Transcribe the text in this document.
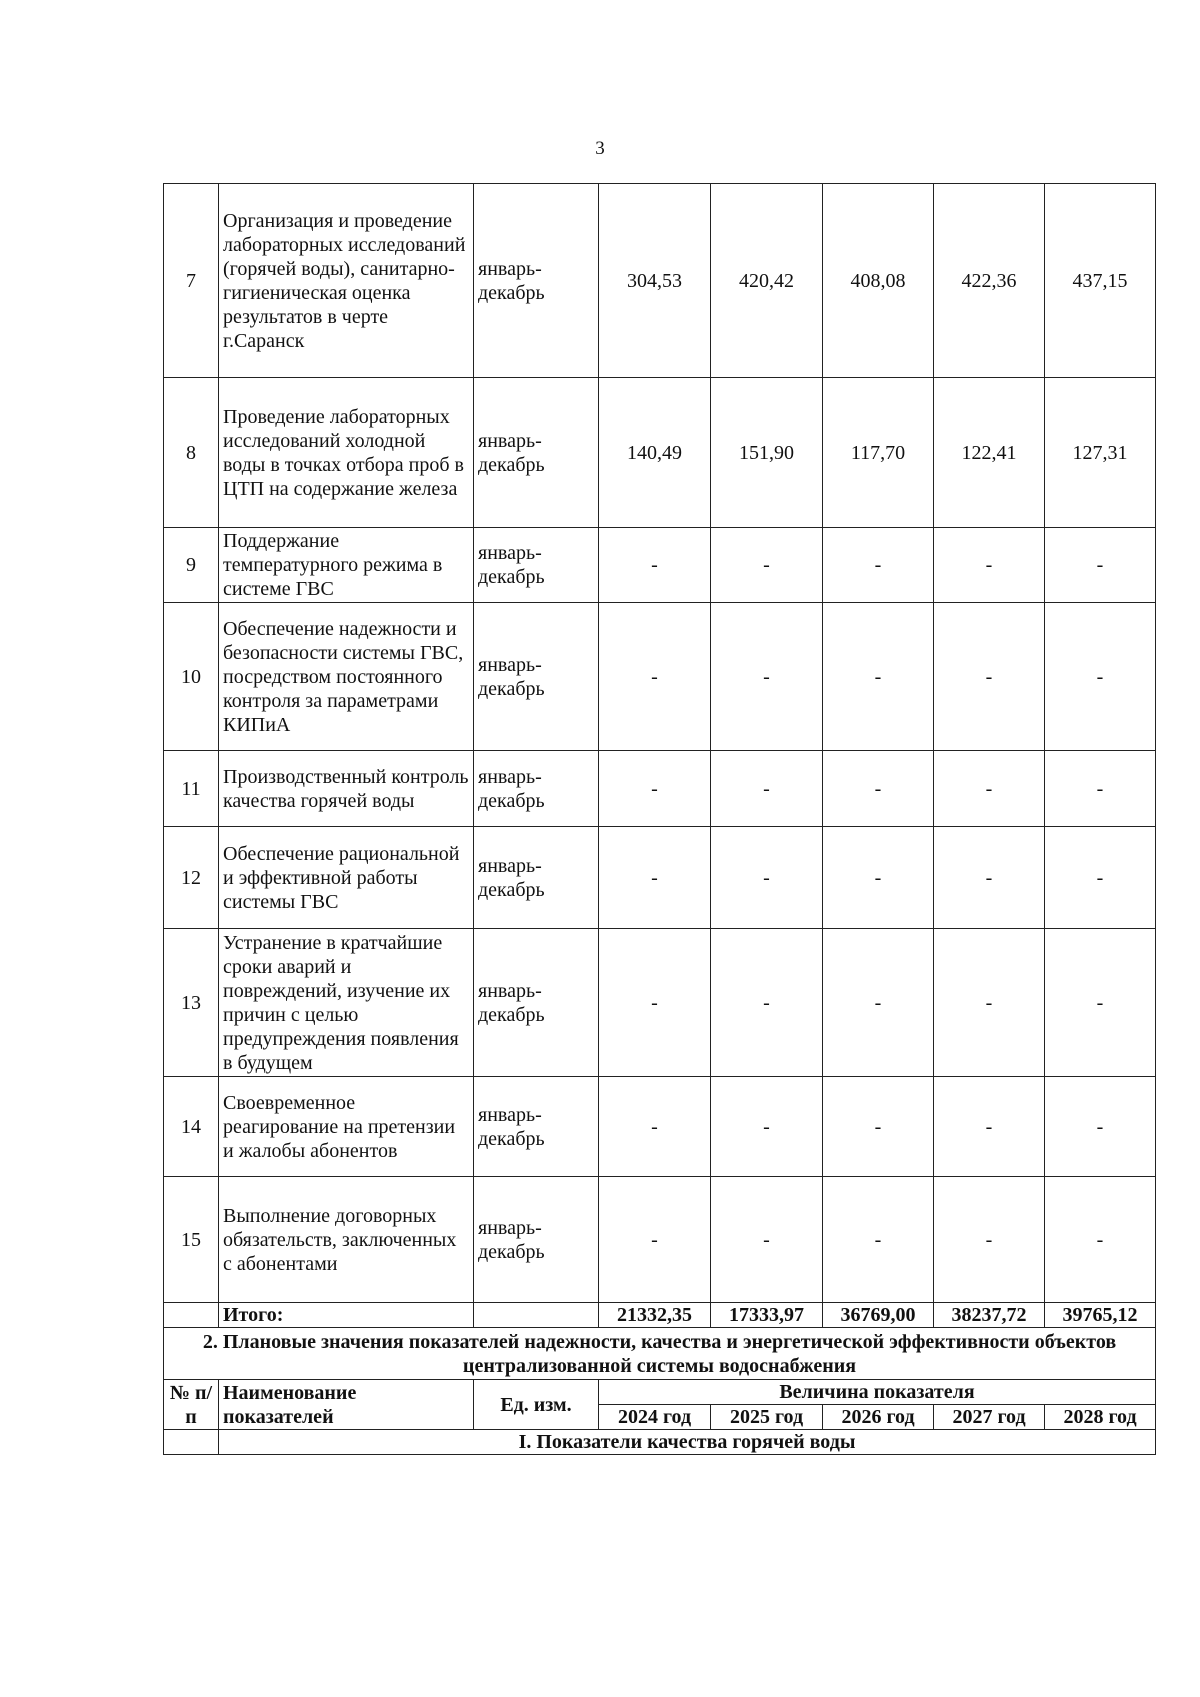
3
7	Организация и проведение лабораторных исследований (горячей воды), санитарно-гигиеническая оценка результатов в черте г.Саранск	январь-декабрь	304,53	420,42	408,08	422,36	437,15
8	Проведение лабораторных исследований холодной воды в точках отбора проб в ЦТП на содержание железа	январь-декабрь	140,49	151,90	117,70	122,41	127,31
9	Поддержание температурного режима в системе ГВС	январь-декабрь	-	-	-	-	-
10	Обеспечение надежности и безопасности системы ГВС, посредством постоянного контроля за параметрами КИПиА	январь-декабрь	-	-	-	-	-
11	Производственный контроль качества горячей воды	январь-декабрь	-	-	-	-	-
12	Обеспечение рациональной и эффективной работы системы ГВС	январь-декабрь	-	-	-	-	-
13	Устранение в кратчайшие сроки аварий и повреждений, изучение их причин с целью предупреждения появления в будущем	январь-декабрь	-	-	-	-	-
14	Своевременное реагирование на претензии и жалобы абонентов	январь-декабрь	-	-	-	-	-
15	Выполнение договорных обязательств, заключенных с абонентами	январь-декабрь	-	-	-	-	-
	Итого:		21332,35	17333,97	36769,00	38237,72	39765,12
2. Плановые значения показателей надежности, качества и энергетической эффективности объектов централизованной системы водоснабжения							
№ п/п	Наименование показателей	Ед. изм.	Величина показателя				
			2024 год	2025 год	2026 год	2027 год	2028 год
	I. Показатели качества горячей воды						
